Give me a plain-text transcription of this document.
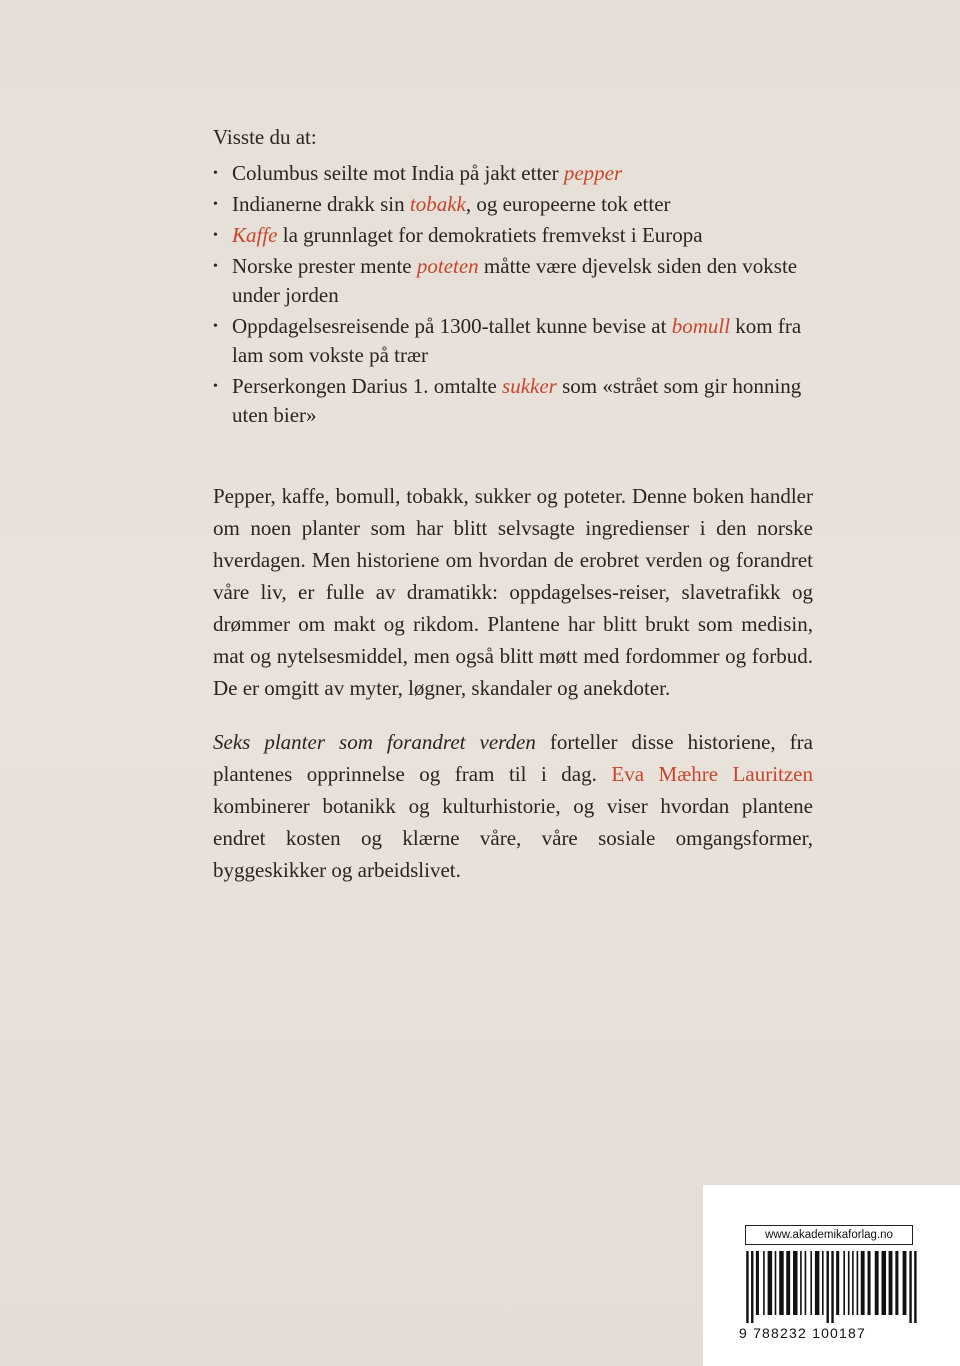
Visste du at:

• Columbus seilte mot India på jakt etter pepper
• Indianerne drakk sin tobakk, og europeerne tok etter
• Kaffe la grunnlaget for demokratiets fremvekst i Europa
• Norske prester mente poteten måtte være djevelsk siden den vokste under jorden
• Oppdagelsesreisende på 1300-tallet kunne bevise at bomull kom fra lam som vokste på trær
• Perserkongen Darius 1. omtalte sukker som «strået som gir honning uten bier»

Pepper, kaffe, bomull, tobakk, sukker og poteter. Denne boken handler om noen planter som har blitt selvsagte ingredienser i den norske hverdagen. Men historiene om hvordan de erobret verden og forandret våre liv, er fulle av dramatikk: oppdagelses-reiser, slavetrafikk og drømmer om makt og rikdom. Plantene har blitt brukt som medisin, mat og nytelsesmiddel, men også blitt møtt med fordommer og forbud. De er omgitt av myter, løgner, skandaler og anekdoter.

Seks planter som forandret verden forteller disse historiene, fra plantenes opprinnelse og fram til i dag. Eva Mæhre Lauritzen kombinerer botanikk og kulturhistorie, og viser hvordan plantene endret kosten og klærne våre, våre sosiale omgangsformer, byggeskikker og arbeidslivet.

www.akademikaforlag.no
9 788232 100187
